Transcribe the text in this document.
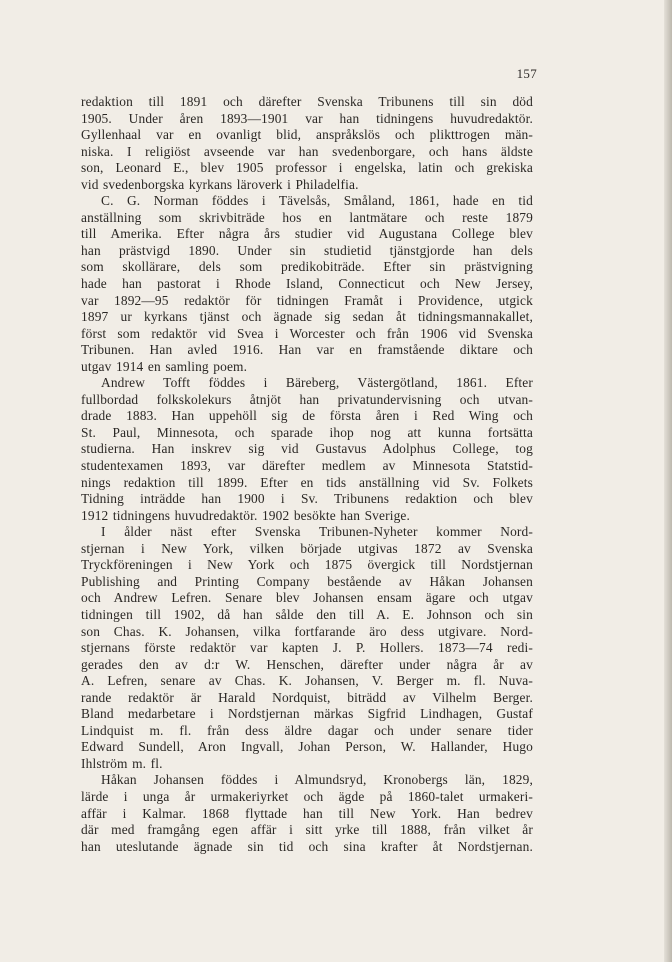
157
redaktion till 1891 och därefter Svenska Tribunens till sin död
1905. Under åren 1893—1901 var han tidningens huvudredaktör.
Gyllenhaal var en ovanligt blid, anspråkslös och plikttrogen män-
niska. I religiöst avseende var han svedenborgare, och hans äldste
son, Leonard E., blev 1905 professor i engelska, latin och grekiska
vid svedenborgska kyrkans läroverk i Philadelfia.
C. G. Norman föddes i Tävelsås, Småland, 1861, hade en tid
anställning som skrivbiträde hos en lantmätare och reste 1879
till Amerika. Efter några års studier vid Augustana College blev
han prästvigd 1890. Under sin studietid tjänstgjorde han dels
som skollärare, dels som predikobiträde. Efter sin prästvigning
hade han pastorat i Rhode Island, Connecticut och New Jersey,
var 1892—95 redaktör för tidningen Framåt i Providence, utgick
1897 ur kyrkans tjänst och ägnade sig sedan åt tidningsmannakallet,
först som redaktör vid Svea i Worcester och från 1906 vid Svenska
Tribunen. Han avled 1916. Han var en framstående diktare och
utgav 1914 en samling poem.
Andrew Tofft föddes i Bäreberg, Västergötland, 1861. Efter
fullbordad folkskolekurs åtnjöt han privatundervisning och utvan-
drade 1883. Han uppehöll sig de första åren i Red Wing och
St. Paul, Minnesota, och sparade ihop nog att kunna fortsätta
studierna. Han inskrev sig vid Gustavus Adolphus College, tog
studentexamen 1893, var därefter medlem av Minnesota Statstid-
nings redaktion till 1899. Efter en tids anställning vid Sv. Folkets
Tidning inträdde han 1900 i Sv. Tribunens redaktion och blev
1912 tidningens huvudredaktör. 1902 besökte han Sverige.
I ålder näst efter Svenska Tribunen-Nyheter kommer Nord-
stjernan i New York, vilken började utgivas 1872 av Svenska
Tryckföreningen i New York och 1875 övergick till Nordstjernan
Publishing and Printing Company bestående av Håkan Johansen
och Andrew Lefren. Senare blev Johansen ensam ägare och utgav
tidningen till 1902, då han sålde den till A. E. Johnson och sin
son Chas. K. Johansen, vilka fortfarande äro dess utgivare. Nord-
stjernans förste redaktör var kapten J. P. Hollers. 1873—74 redi-
gerades den av d:r W. Henschen, därefter under några år av
A. Lefren, senare av Chas. K. Johansen, V. Berger m. fl. Nuva-
rande redaktör är Harald Nordquist, biträdd av Vilhelm Berger.
Bland medarbetare i Nordstjernan märkas Sigfrid Lindhagen, Gustaf
Lindquist m. fl. från dess äldre dagar och under senare tider
Edward Sundell, Aron Ingvall, Johan Person, W. Hallander, Hugo
Ihlström m. fl.
Håkan Johansen föddes i Almundsryd, Kronobergs län, 1829,
lärde i unga år urmakeriyrket och ägde på 1860-talet urmakeri-
affär i Kalmar. 1868 flyttade han till New York. Han bedrev
där med framgång egen affär i sitt yrke till 1888, från vilket år
han uteslutande ägnade sin tid och sina krafter åt Nordstjernan.
